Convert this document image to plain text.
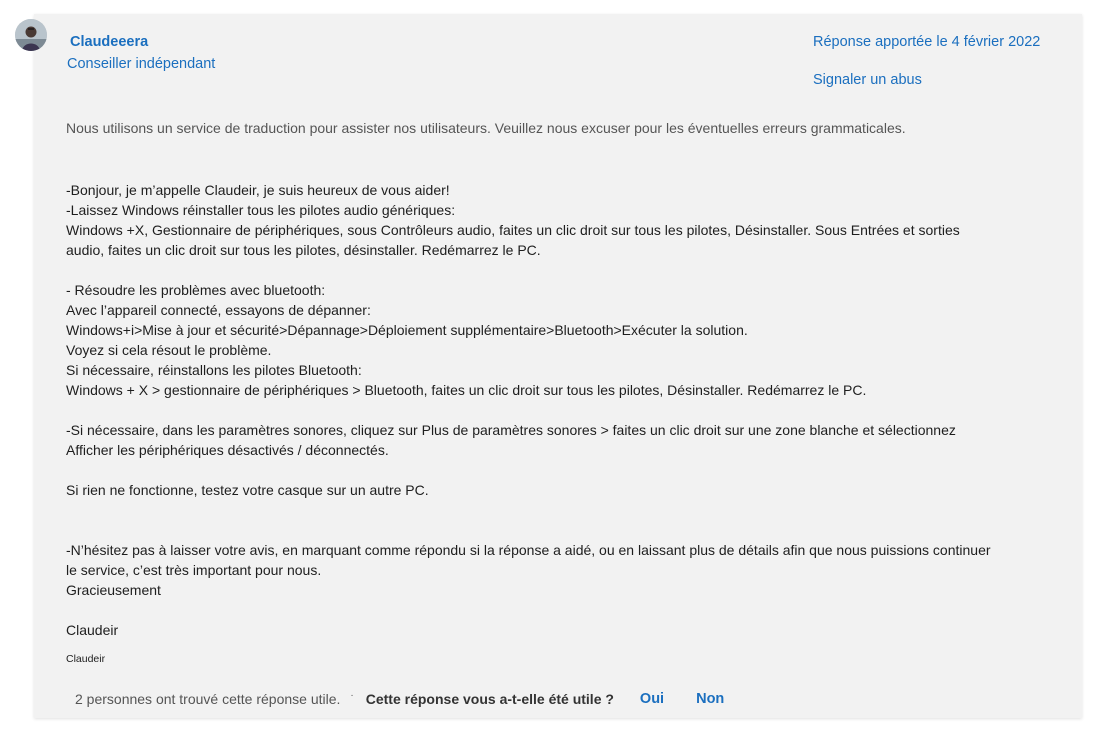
Claudeeera
Conseiller indépendant
Réponse apportée le 4 février 2022
Signaler un abus
Nous utilisons un service de traduction pour assister nos utilisateurs. Veuillez nous excuser pour les éventuelles erreurs grammaticales.
-Bonjour, je m’appelle Claudeir, je suis heureux de vous aider!
-Laissez Windows réinstaller tous les pilotes audio génériques:
Windows +X, Gestionnaire de périphériques, sous Contrôleurs audio, faites un clic droit sur tous les pilotes, Désinstaller. Sous Entrées et sorties
audio, faites un clic droit sur tous les pilotes, désinstaller. Redémarrez le PC.
- Résoudre les problèmes avec bluetooth:
Avec l’appareil connecté, essayons de dépanner:
Windows+i>Mise à jour et sécurité>Dépannage>Déploiement supplémentaire>Bluetooth>Exécuter la solution.
Voyez si cela résout le problème.
Si nécessaire, réinstallons les pilotes Bluetooth:
Windows + X > gestionnaire de périphériques > Bluetooth, faites un clic droit sur tous les pilotes, Désinstaller. Redémarrez le PC.
-Si nécessaire, dans les paramètres sonores, cliquez sur Plus de paramètres sonores > faites un clic droit sur une zone blanche et sélectionnez
Afficher les périphériques désactivés / déconnectés.
Si rien ne fonctionne, testez votre casque sur un autre PC.
-N’hésitez pas à laisser votre avis, en marquant comme répondu si la réponse a aidé, ou en laissant plus de détails afin que nous puissions continuer
le service, c’est très important pour nous.
Gracieusement
Claudeir
Claudeir
2 personnes ont trouvé cette réponse utile. · Cette réponse vous a-t-elle été utile ? Oui Non
